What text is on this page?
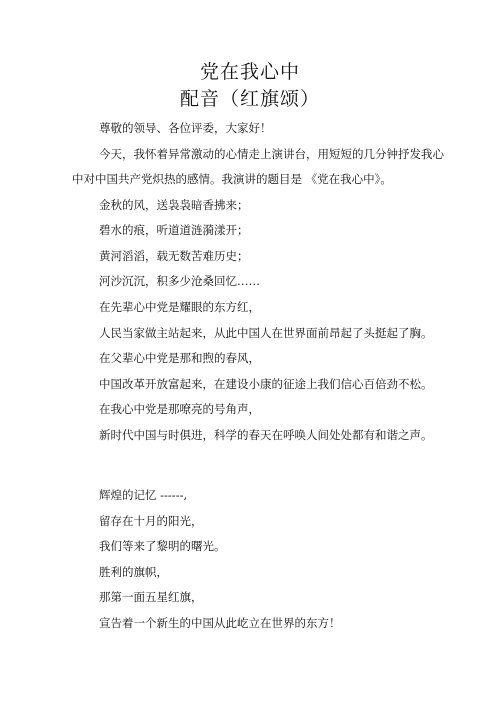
党在我心中
配音（红旗颂）
尊敬的领导、各位评委，大家好！
今天，我怀着异常激动的心情走上演讲台，用短短的几分钟抒发我心
中对中国共产党炽热的感情。我演讲的题目是 《党在我心中》。
金秋的风，送袅袅暗香拂来；
碧水的痕，听道道涟漪漾开；
黄河滔滔，载无数苦难历史；
河沙沉沉，积多少沧桑回忆……
在先辈心中党是耀眼的东方红，
人民当家做主站起来，从此中国人在世界面前昂起了头挺起了胸。
在父辈心中党是那和煦的春风，
中国改革开放富起来，在建设小康的征途上我们信心百倍劲不松。
在我心中党是那嘹亮的号角声，
新时代中国与时俱进，科学的春天在呼唤人间处处都有和谐之声。
辉煌的记忆 ------,
留存在十月的阳光，
我们等来了黎明的曙光。
胜利的旗帜，
那第一面五星红旗，
宣告着一个新生的中国从此屹立在世界的东方！
